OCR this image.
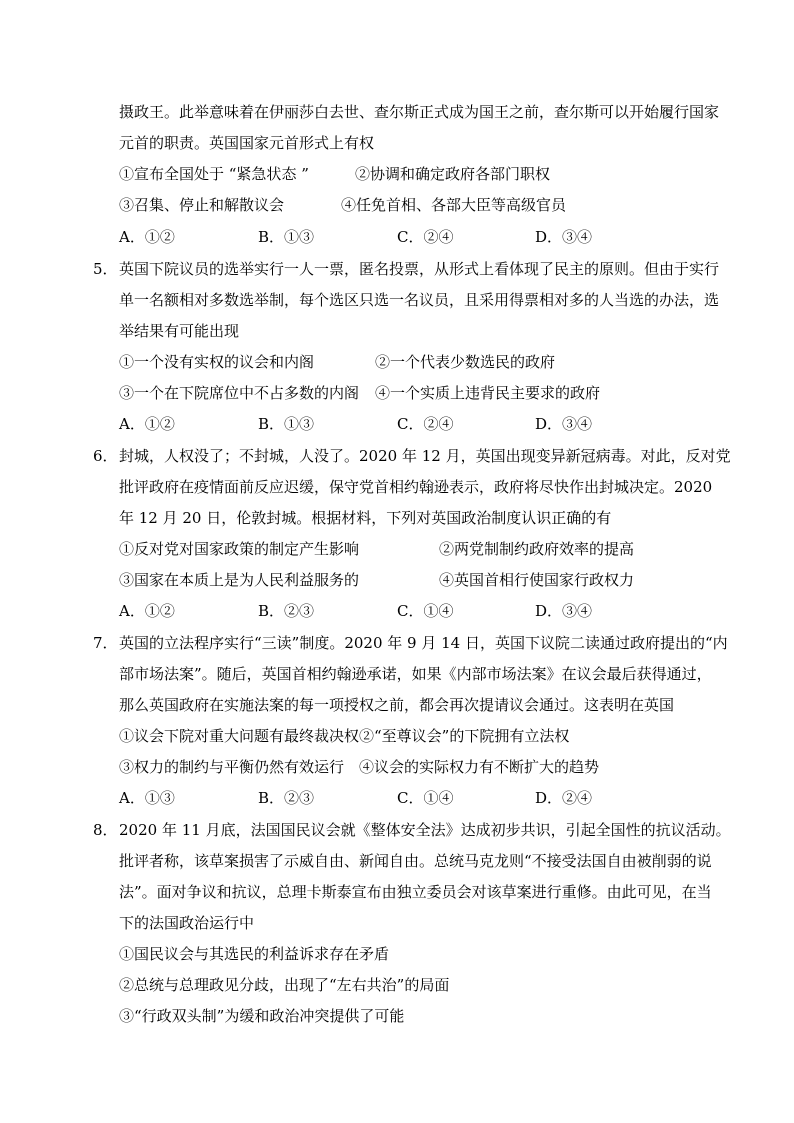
摄政王。此举意味着在伊丽莎白去世、查尔斯正式成为国王之前，查尔斯可以开始履行国家
元首的职责。英国国家元首形式上有权
①宣布全国处于 “紧急状态 ”	②协调和确定政府各部门职权
③召集、停止和解散议会	④任免首相、各部大臣等高级官员
A．①②	B．①③	C．②④	D．③④
5． 英国下院议员的选举实行一人一票，匿名投票，从形式上看体现了民主的原则。但由于实行
单一名额相对多数选举制，每个选区只选一名议员，且采用得票相对多的人当选的办法，选
举结果有可能出现
①一个没有实权的议会和内阁	②一个代表少数选民的政府
③一个在下院席位中不占多数的内阁 ④一个实质上违背民主要求的政府
A．①②	B．①③	C．②④	D．③④
6． 封城，人权没了；不封城，人没了。2020 年 12 月，英国出现变异新冠病毒。对此，反对党
批评政府在疫情面前反应迟缓，保守党首相约翰逊表示，政府将尽快作出封城决定。2020
年 12 月 20 日，伦敦封城。根据材料，下列对英国政治制度认识正确的有
①反对党对国家政策的制定产生影响	②两党制制约政府效率的提高
③国家在本质上是为人民利益服务的	④英国首相行使国家行政权力
A．①②	B．②③	C．①④	D．③④
7． 英国的立法程序实行“三读”制度。2020 年 9 月 14 日，英国下议院二读通过政府提出的“内
部市场法案”。随后，英国首相约翰逊承诺，如果《内部市场法案》在议会最后获得通过，
那么英国政府在实施法案的每一项授权之前，都会再次提请议会通过。这表明在英国
①议会下院对重大问题有最终裁决权 ②“至尊议会”的下院拥有立法权
③权力的制约与平衡仍然有效运行 ④议会的实际权力有不断扩大的趋势
A．①③	B．②③	C．①④	D．②④
8． 2020 年 11 月底，法国国民议会就《整体安全法》达成初步共识，引起全国性的抗议活动。
批评者称，该草案损害了示威自由、新闻自由。总统马克龙则“不接受法国自由被削弱的说
法”。面对争议和抗议，总理卡斯泰宣布由独立委员会对该草案进行重修。由此可见，在当
下的法国政治运行中
①国民议会与其选民的利益诉求存在矛盾
②总统与总理政见分歧，出现了“左右共治”的局面
③“行政双头制”为缓和政治冲突提供了可能
